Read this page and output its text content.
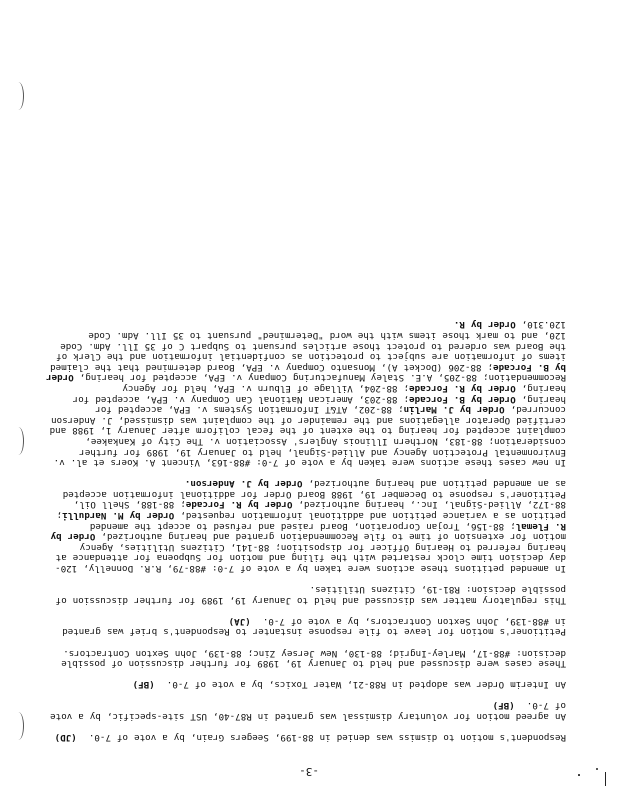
-3-

Respondent's motion to dismiss was denied in 88-199, Seegers Grain, by a vote of 7-0.  (JD)

An agreed motion for voluntary dismissal was granted in R87-40, UST site-specific, by a vote of 7-0.  (BF)

An Interim Order was adopted in R88-21, Water Toxics, by a vote of 7-0.  (BF)

These cases were discussed and held to January 19, 1989 for further discussion of possible decision: #88-17, Marley-Ingrid; 88-130, New Jersey Zinc; 88-139, John Sexton Contractors.

Petitioner's motion for leave to file response instanter to Respondent's brief was granted in #88-139, John Sexton Contractors, by a vote of 7-0.  (JA)

This regulatory matter was discussed and held to January 19, 1989 for further discussion of possible decision: R81-19, Citizens Utilities.

In amended petitions these actions were taken by a vote of 7-0: #88-79, R.R. Donnelly, 120-day decision time clock restarted with the filing and motion for Subpoena for attendance at hearing referred to Hearing Officer for disposition; 88-141, Citizens Utilities, Agency motion for extension of time to file Recommendation granted and hearing authorized, Order by R. Flemal; 88-156, Trojan Corporation, Board raised and refused to accept the amended petition as a variance petition and additional information requested, Order by M. Nardulli; 88-172, Allied-Signal, Inc., hearing authorized, Order by R. Forcade; 88-188, Shell Oil, Petitioner's response to December 19, 1988 Board Order for additional information accepted as an amended petition and hearing authorized, Order by J. Anderson.

In new cases these actions were taken by a vote of 7-0: #88-163, Vincent A. Koers et al. v. Environmental Protection Agency and Allied-Signal, held to January 19, 1989 for further consideration; 88-183, Northern Illinois Anglers' Association v. The City of Kankakee, complaint accepted for hearing to the extent of the fecal coliform after January 1, 1988 and certified Operator allegations and the remainder of the complaint was dismissed, J. Anderson concurred, Order by J. Marlin; 88-202, AT&T Information Systems v. EPA, accepted for hearing, Order by B. Forcade; 88-203, American National Can Company v. EPA, accepted for hearing, Order by R. Forcade; 88-204, Village of Elburn v. EPA, held for Agency Recommendation; 88-205, A.E. Staley Manufacturing Company v. EPA, accepted for hearing, Order by B. Forcade; 88-206 (Docket A), Monsanto Company v. EPA, Board determined that the claimed items of information are subject to protection as confidential information and the Clerk of the Board was ordered to protect those articles pursuant to Subpart C of 35 Ill. Adm. Code 120, and to mark those items with the word "Determined" pursuant to 35 Ill. Adm. Code 120.310, Order by R.
